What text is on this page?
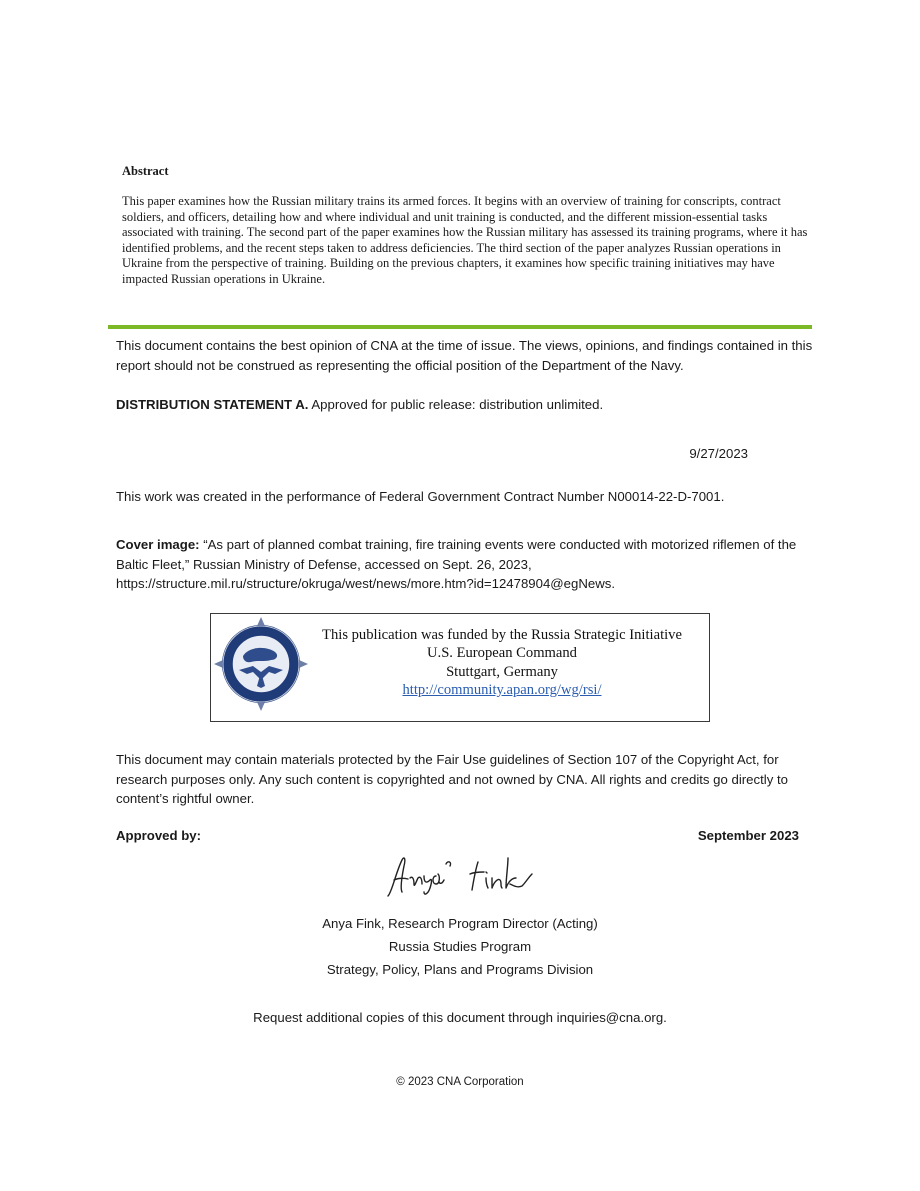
Abstract
This paper examines how the Russian military trains its armed forces. It begins with an overview of training for conscripts, contract soldiers, and officers, detailing how and where individual and unit training is conducted, and the different mission-essential tasks associated with training. The second part of the paper examines how the Russian military has assessed its training programs, where it has identified problems, and the recent steps taken to address deficiencies. The third section of the paper analyzes Russian operations in Ukraine from the perspective of training. Building on the previous chapters, it examines how specific training initiatives may have impacted Russian operations in Ukraine.
This document contains the best opinion of CNA at the time of issue. The views, opinions, and findings contained in this report should not be construed as representing the official position of the Department of the Navy.
DISTRIBUTION STATEMENT A. Approved for public release: distribution unlimited.
9/27/2023
This work was created in the performance of Federal Government Contract Number N00014-22-D-7001.
Cover image: “As part of planned combat training, fire training events were conducted with motorized riflemen of the Baltic Fleet,” Russian Ministry of Defense, accessed on Sept. 26, 2023, https://structure.mil.ru/structure/okruga/west/news/more.htm?id=12478904@egNews.
This publication was funded by the Russia Strategic Initiative
U.S. European Command
Stuttgart, Germany
http://community.apan.org/wg/rsi/
This document may contain materials protected by the Fair Use guidelines of Section 107 of the Copyright Act, for research purposes only. Any such content is copyrighted and not owned by CNA. All rights and credits go directly to content’s rightful owner.
Approved by:	September 2023
Anya Fink, Research Program Director (Acting)
Russia Studies Program
Strategy, Policy, Plans and Programs Division
Request additional copies of this document through inquiries@cna.org.
© 2023 CNA Corporation
